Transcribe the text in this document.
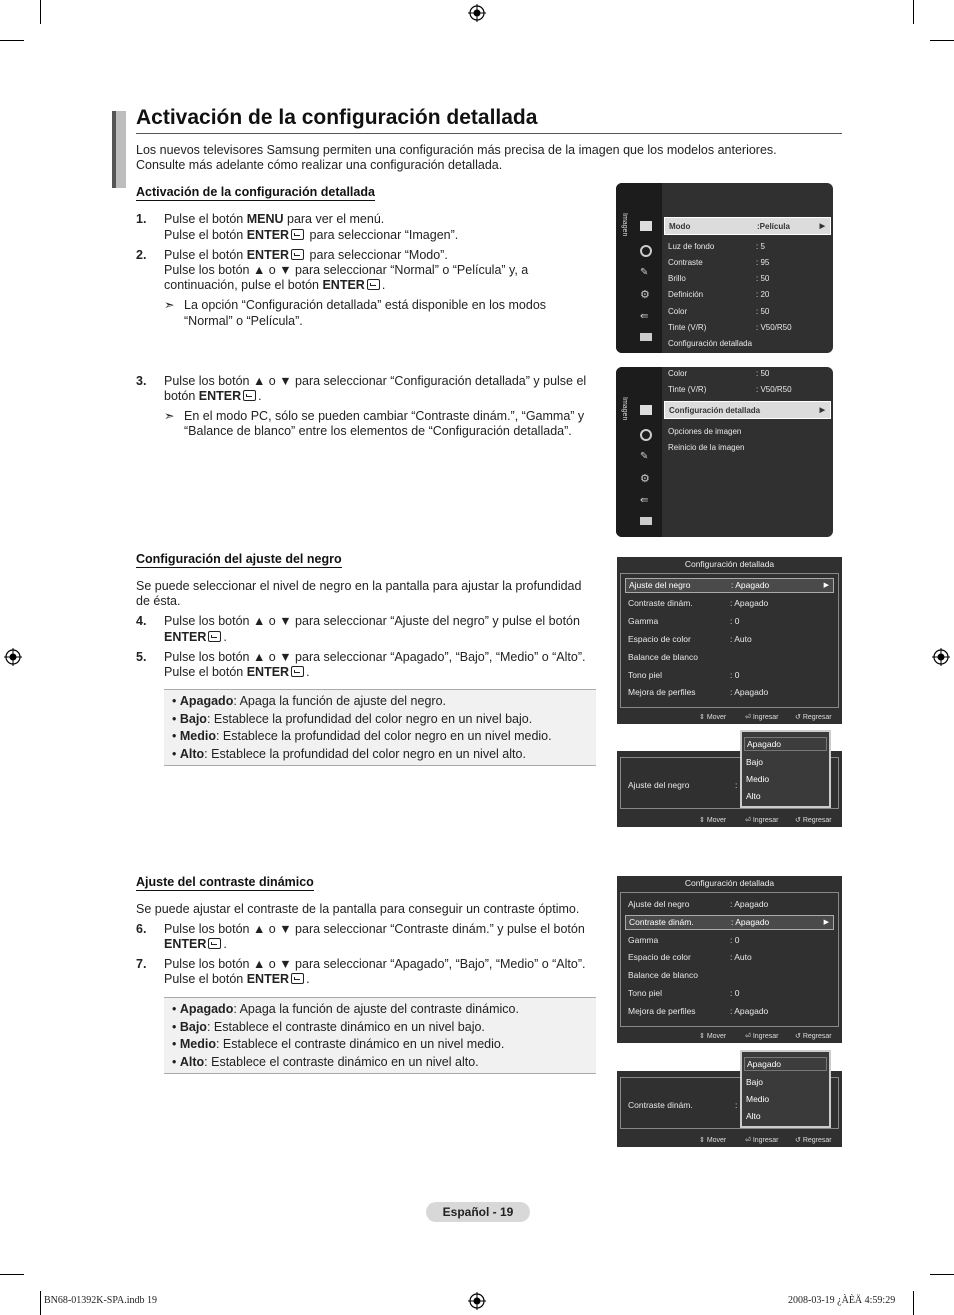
Activación de la configuración detallada
Los nuevos televisores Samsung permiten una configuración más precisa de la imagen que los modelos anteriores.
Consulte más adelante cómo realizar una configuración detallada.
Activación de la configuración detallada
1. Pulse el botón MENU para ver el menú.
Pulse el botón ENTER para seleccionar “Imagen”.
2. Pulse el botón ENTER para seleccionar “Modo”.
Pulse los botón ▲ o ▼ para seleccionar “Normal” o “Película” y, a
continuación, pulse el botón ENTER .
➣ La opción “Configuración detallada” está disponible en los modos
“Normal” o “Película”.
3. Pulse los botón ▲ o ▼ para seleccionar “Configuración detallada” y pulse el
botón ENTER .
➣ En el modo PC, sólo se pueden cambiar “Contraste dinám.”, “Gamma” y
“Balance de blanco” entre los elementos de “Configuración detallada”.
Imagen
✎
⚙
⇚
Modo	:Película	▶
Luz de fondo	: 5
Contraste	: 95
Brillo	: 50
Definición	: 20
Color	: 50
Tinte (V/R)	: V50/R50
Configuración detallada
Imagen
✎
⚙
⇚
Color	: 50
Tinte (V/R)	: V50/R50
Configuración detallada	▶
Opciones de imagen
Reinicio de la imagen
Configuración del ajuste del negro
Se puede seleccionar el nivel de negro en la pantalla para ajustar la profundidad
de ésta.
4. Pulse los botón ▲ o ▼ para seleccionar “Ajuste del negro” y pulse el botón
ENTER .
5. Pulse los botón ▲ o ▼ para seleccionar “Apagado”, “Bajo”, “Medio” o “Alto”.
Pulse el botón ENTER .
• Apagado: Apaga la función de ajuste del negro.
• Bajo: Establece la profundidad del color negro en un nivel bajo.
• Medio: Establece la profundidad del color negro en un nivel medio.
• Alto: Establece la profundidad del color negro en un nivel alto.
Configuración detallada
Ajuste del negro	: Apagado	▶
Contraste dinám.	: Apagado
Gamma	: 0
Espacio de color	: Auto
Balance de blanco
Tono piel	: 0
Mejora de perfiles	: Apagado
⇕ Mover	⏎ Ingresar ↺ Regresar
Ajuste del negro	:
⇕ Mover	⏎ Ingresar ↺ Regresar
Apagado
Bajo
Medio
Alto
Ajuste del contraste dinámico
Se puede ajustar el contraste de la pantalla para conseguir un contraste óptimo.
6. Pulse los botón ▲ o ▼ para seleccionar “Contraste dinám.” y pulse el botón
ENTER .
7. Pulse los botón ▲ o ▼ para seleccionar “Apagado”, “Bajo”, “Medio” o “Alto”.
Pulse el botón ENTER .
• Apagado: Apaga la función de ajuste del contraste dinámico.
• Bajo: Establece el contraste dinámico en un nivel bajo.
• Medio: Establece el contraste dinámico en un nivel medio.
• Alto: Establece el contraste dinámico en un nivel alto.
Configuración detallada
Ajuste del negro	: Apagado
Contraste dinám.	: Apagado	▶
Gamma	: 0
Espacio de color	: Auto
Balance de blanco
Tono piel	: 0
Mejora de perfiles	: Apagado
⇕ Mover	⏎ Ingresar ↺ Regresar
Contraste dinám.	:
⇕ Mover	⏎ Ingresar ↺ Regresar
Apagado
Bajo
Medio
Alto
Español - 19
BN68-01392K-SPA.indb 19	2008-03-19 ¿ÀÈÄ 4:59:29
